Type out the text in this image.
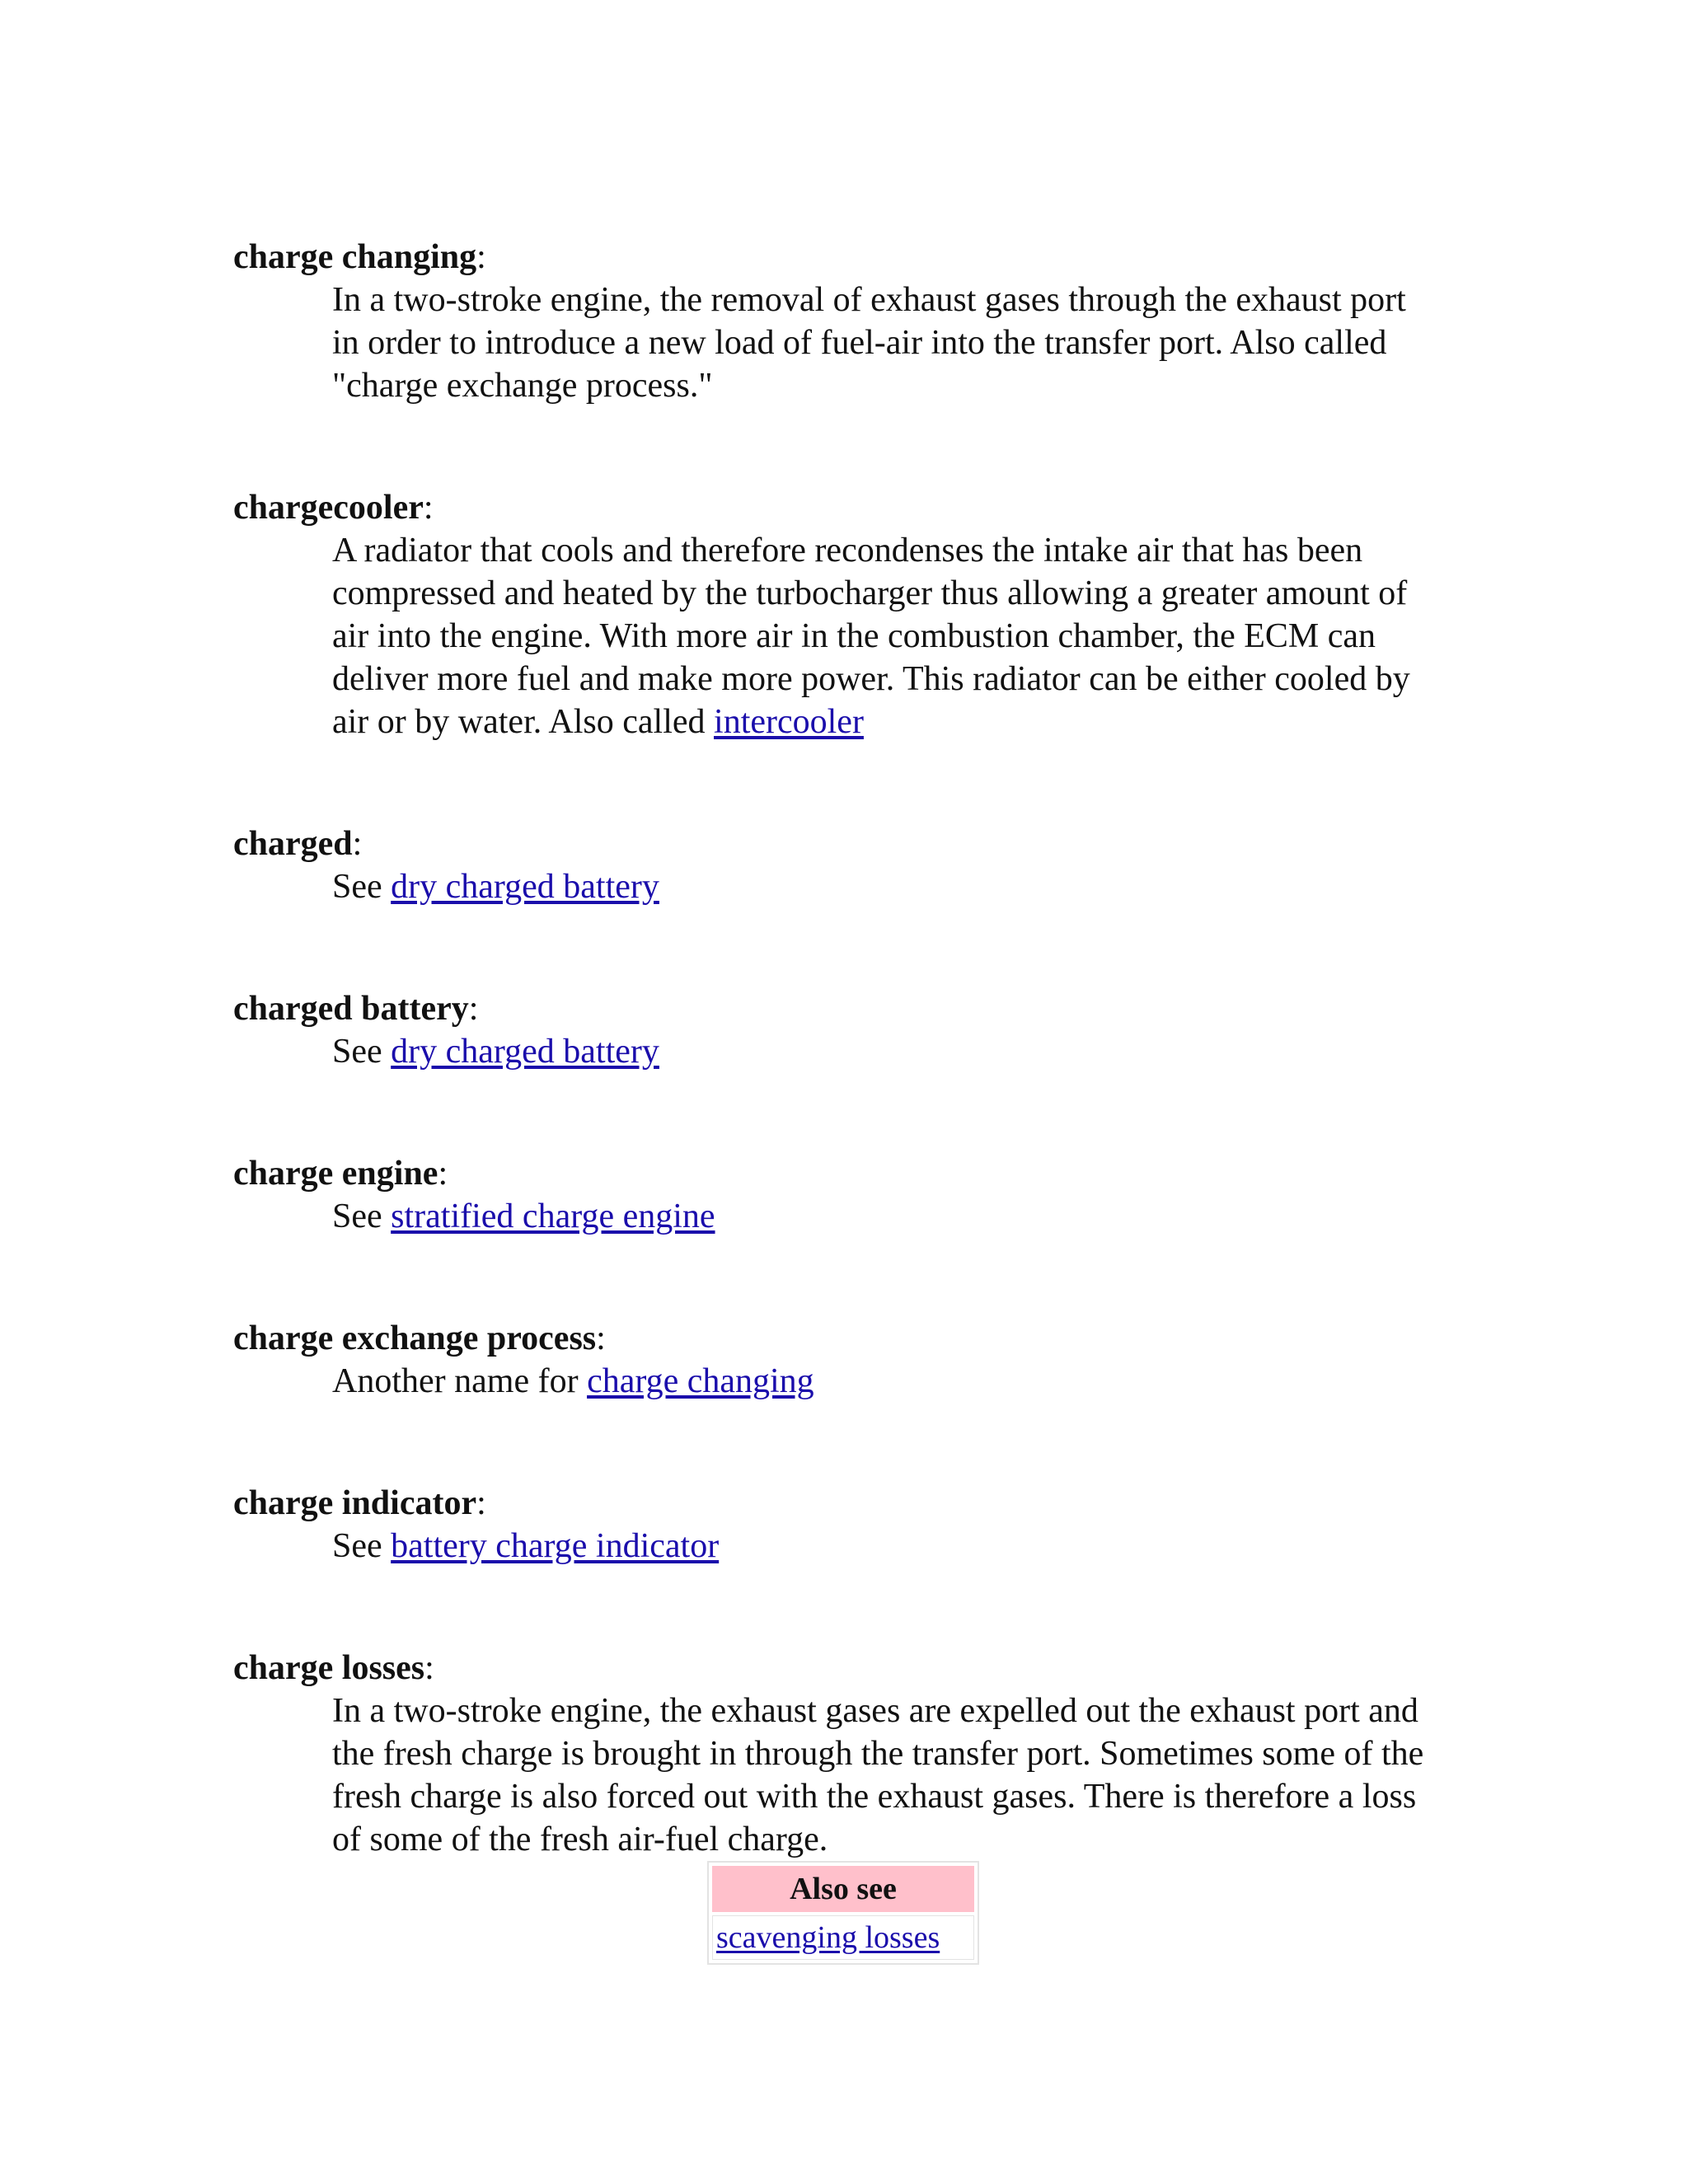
charge changing:
In a two-stroke engine, the removal of exhaust gases through the exhaust port in order to introduce a new load of fuel-air into the transfer port. Also called "charge exchange process."
chargecooler:
A radiator that cools and therefore recondenses the intake air that has been compressed and heated by the turbocharger thus allowing a greater amount of air into the engine. With more air in the combustion chamber, the ECM can deliver more fuel and make more power. This radiator can be either cooled by air or by water. Also called intercooler
charged:
See dry charged battery
charged battery:
See dry charged battery
charge engine:
See stratified charge engine
charge exchange process:
Another name for charge changing
charge indicator:
See battery charge indicator
charge losses:
In a two-stroke engine, the exhaust gases are expelled out the exhaust port and the fresh charge is brought in through the transfer port. Sometimes some of the fresh charge is also forced out with the exhaust gases. There is therefore a loss of some of the fresh air-fuel charge.
Also see
scavenging losses
